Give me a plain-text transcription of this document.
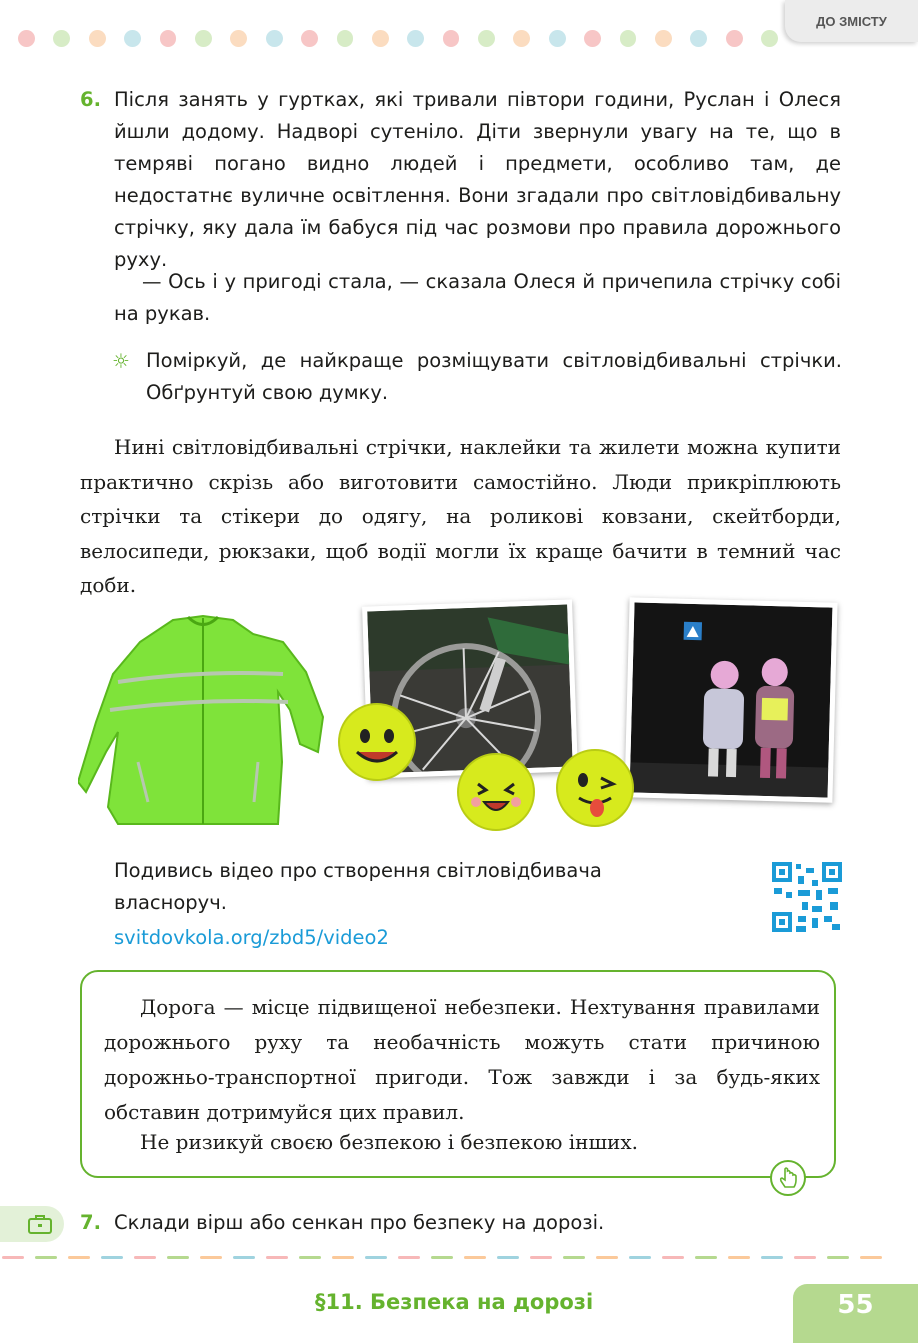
ДО ЗМІСТУ
6. Після занять у гуртках, які тривали півтори години, Руслан і Олеся йшли додому. Надворі сутеніло. Діти звернули увагу на те, що в темряві погано видно людей і предмети, особливо там, де недостатнє вуличне освітлення. Вони згадали про світловідбивальну стрічку, яку дала їм бабуся під час розмови про правила дорожнього руху.
— Ось і у пригоді стала, — сказала Олеся й причепила стрічку собі на рукав.
☼ Поміркуй, де найкраще розміщувати світловідбивальні стрічки. Обґрунтуй свою думку.
Нині світловідбивальні стрічки, наклейки та жилети можна купити практично скрізь або виготовити самостійно. Люди прикріплюють стрічки та стікери до одягу, на роликові ковзани, скейтборди, велосипеди, рюкзаки, щоб водії могли їх краще бачити в темний час доби.
Подивись відео про створення світловідбивача власноруч.
svitdovkola.org/zbd5/video2

Дорога — місце підвищеної небезпеки. Нехтування правилами дорожнього руху та необачність можуть стати причиною дорожньо-транспортної пригоди. Тож завжди і за будь-яких обставин дотримуйся цих правил.

Не ризикуй своєю безпекою і безпекою інших.

7. Склади вірш або сенкан про безпеку на дорозі.
§11. Безпека на дорозі	55
